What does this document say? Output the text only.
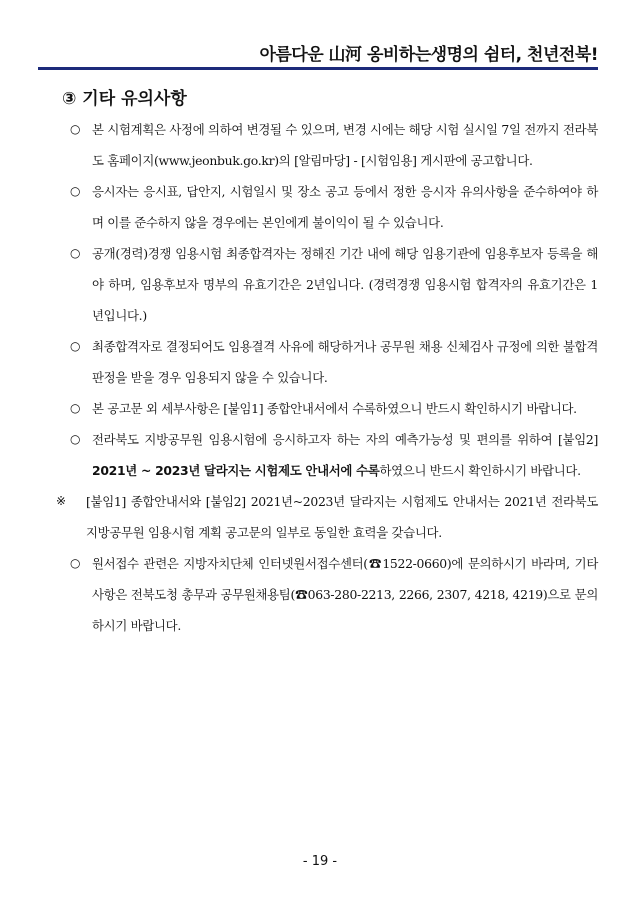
아름다운 山河 옹비하는생명의 쉼터, 천년전북!
③ 기타 유의사항
○ 본 시험계획은 사정에 의하여 변경될 수 있으며, 변경 시에는 해당 시험 실시일 7일 전까지 전라북도 홈페이지(www.jeonbuk.go.kr)의 [알림마당] - [시험임용] 게시판에 공고합니다.
○ 응시자는 응시표, 답안지, 시험일시 및 장소 공고 등에서 정한 응시자 유의사항을 준수하여야 하며 이를 준수하지 않을 경우에는 본인에게 불이익이 될 수 있습니다.
○ 공개(경력)경쟁 임용시험 최종합격자는 정해진 기간 내에 해당 임용기관에 임용후보자 등록을 해야 하며, 임용후보자 명부의 유효기간은 2년입니다. (경력경쟁 임용시험 합격자의 유효기간은 1년입니다.)
○ 최종합격자로 결정되어도 임용결격 사유에 해당하거나 공무원 채용 신체검사 규정에 의한 불합격 판정을 받을 경우 임용되지 않을 수 있습니다.
○ 본 공고문 외 세부사항은 [붙임1] 종합안내서에서 수록하였으니 반드시 확인하시기 바랍니다.
○ 전라북도 지방공무원 임용시험에 응시하고자 하는 자의 예측가능성 및 편의를 위하여 [붙임2] 2021년 ~ 2023년 달라지는 시험제도 안내서에 수록하였으니 반드시 확인하시기 바랍니다.
※ [붙임1] 종합안내서와 [붙임2] 2021년~2023년 달라지는 시험제도 안내서는 2021년 전라북도 지방공무원 임용시험 계획 공고문의 일부로 동일한 효력을 갖습니다.
○ 원서접수 관련은 지방자치단체 인터넷원서접수센터(☎1522-0660)에 문의하시기 바라며, 기타사항은 전북도청 총무과 공무원채용팀(☎063-280-2213, 2266, 2307, 4218, 4219)으로 문의하시기 바랍니다.
- 19 -
